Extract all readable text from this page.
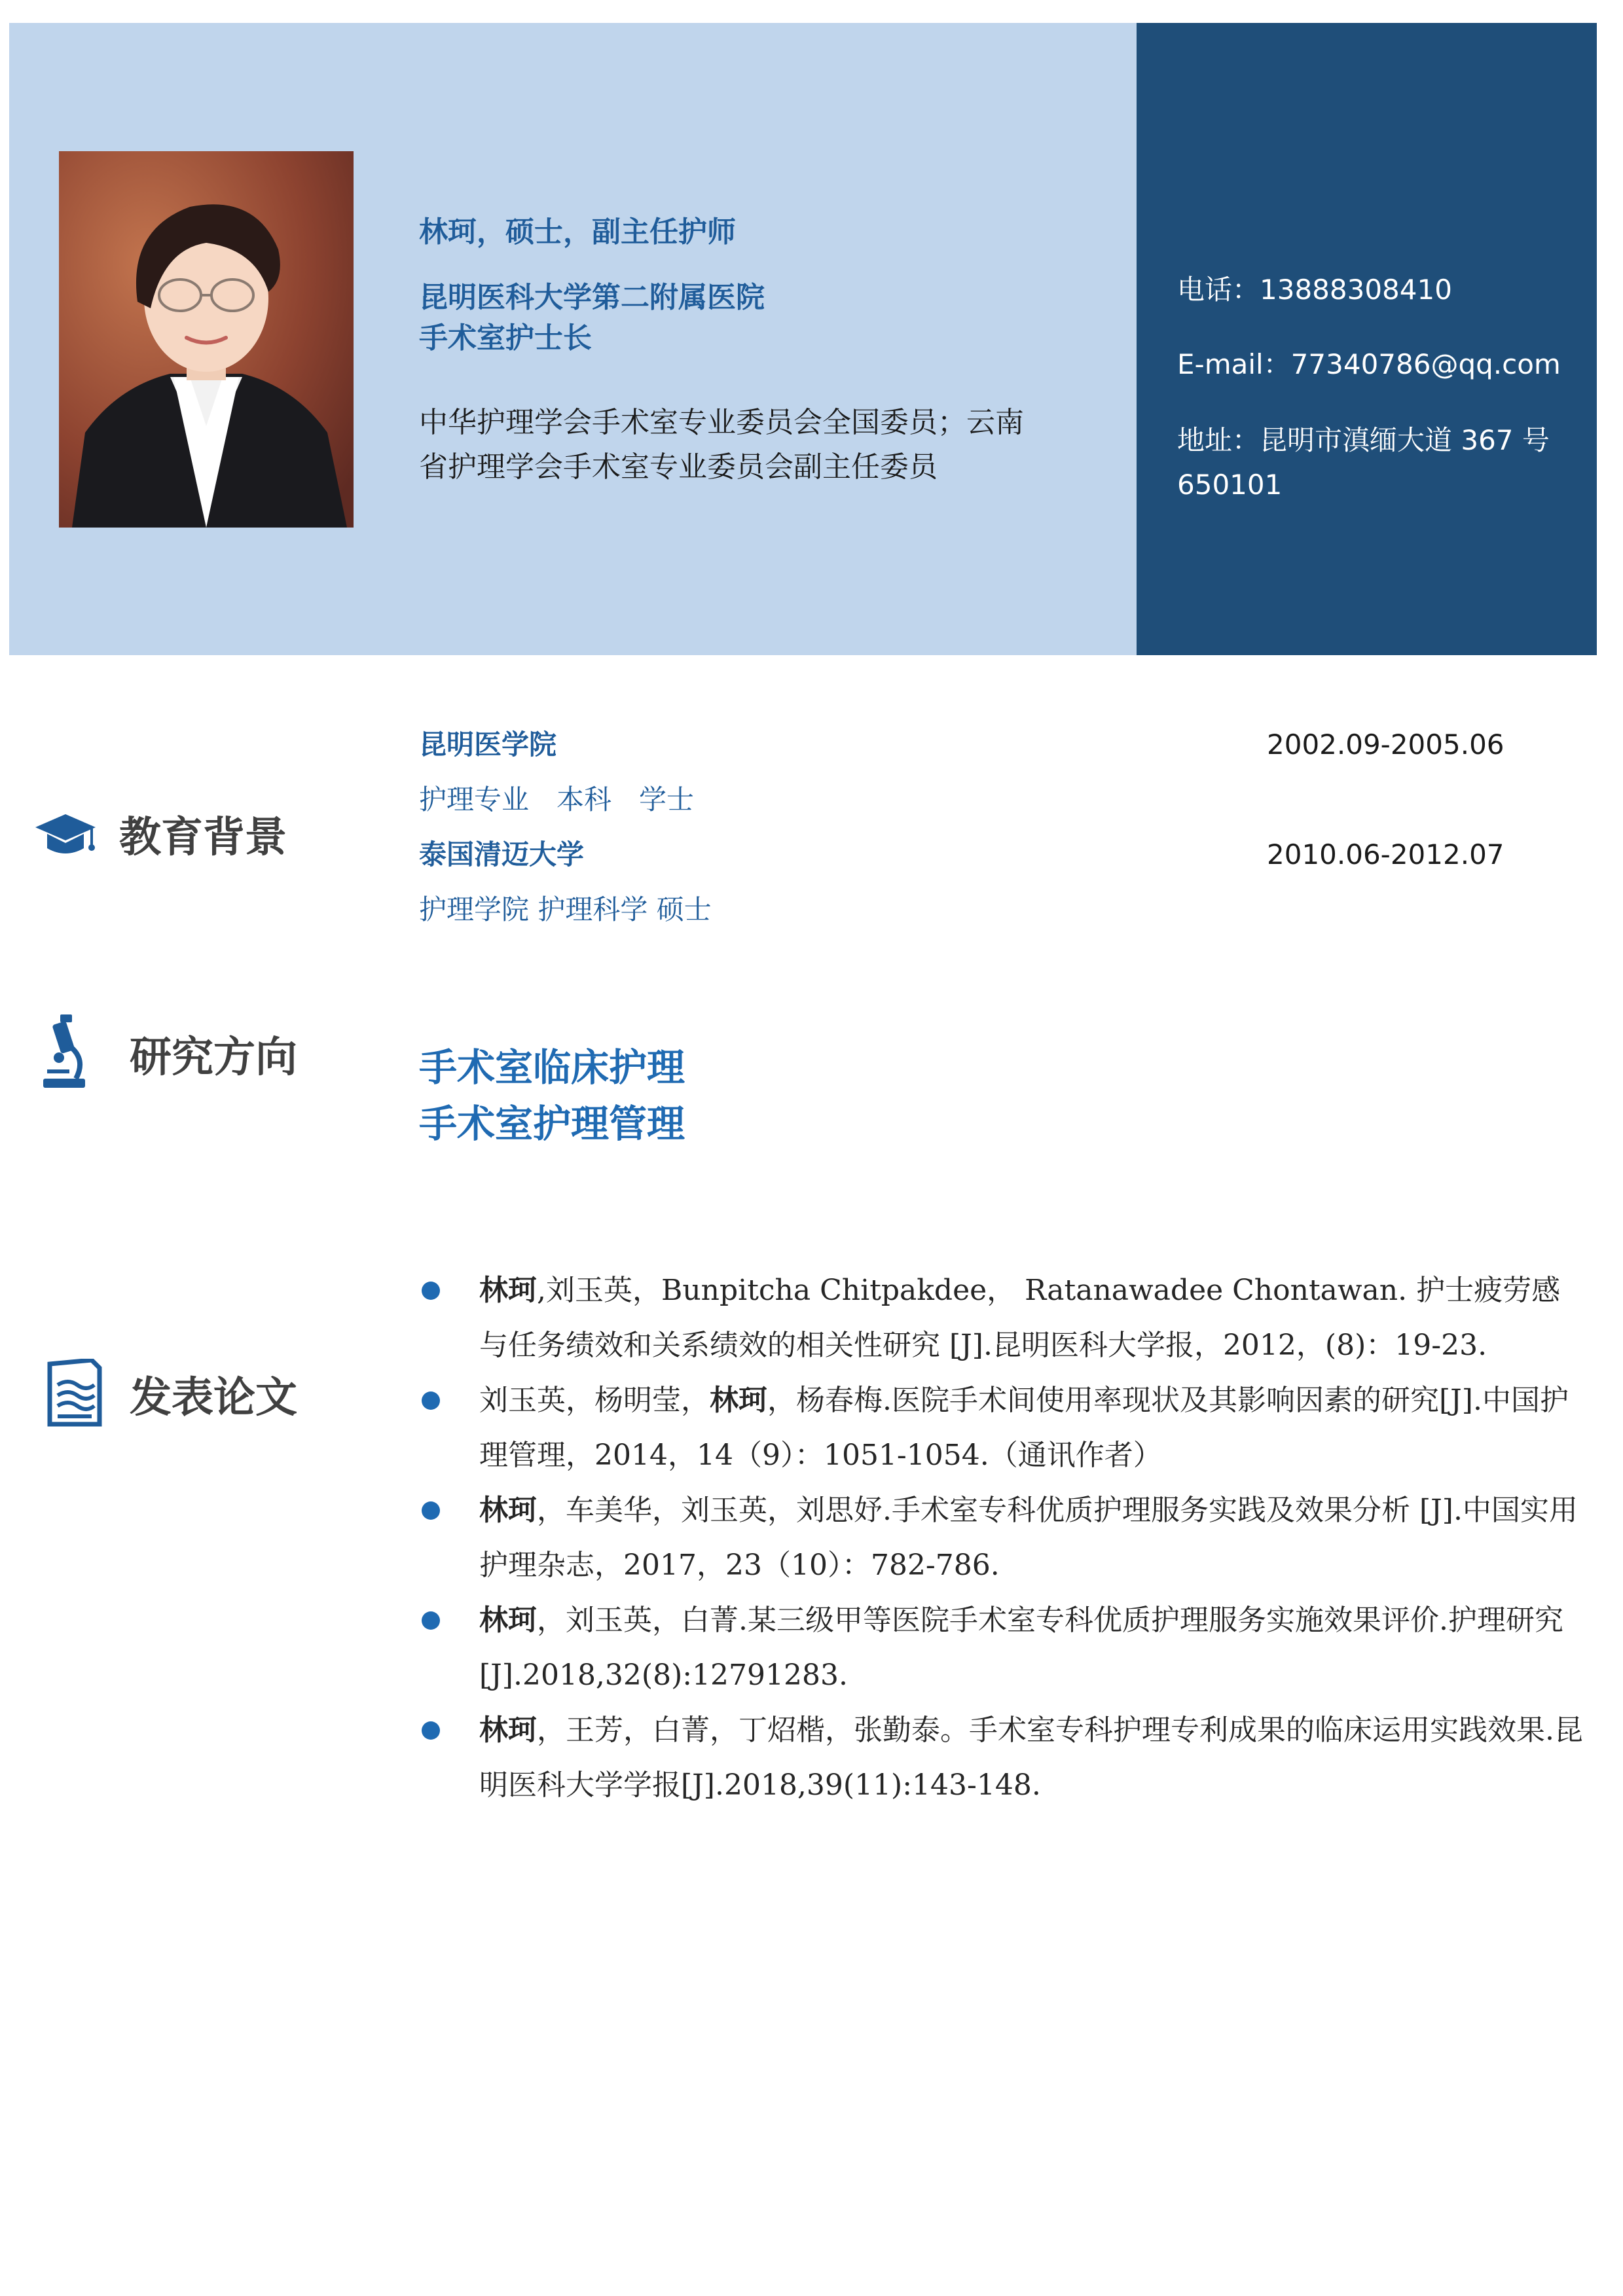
林珂，硕士，副主任护师
昆明医科大学第二附属医院
手术室护士长
中华护理学会手术室专业委员会全国委员；云南
省护理学会手术室专业委员会副主任委员
电话：13888308410
E-mail：77340786@qq.com
地址：昆明市滇缅大道 367 号
650101
教育背景
昆明医学院	2002.09-2005.06
护理专业　本科　学士
泰国清迈大学	2010.06-2012.07
护理学院 护理科学 硕士
研究方向	手术室临床护理
手术室护理管理
发表论文
林珂,刘玉英，Bunpitcha Chitpakdee， Ratanawadee Chontawan. 护士疲劳感与任务绩效和关系绩效的相关性研究 [J].昆明医科大学报，2012，(8)：19-23.
刘玉英，杨明莹，林珂，杨春梅.医院手术间使用率现状及其影响因素的研究[J].中国护理管理，2014，14（9）：1051-1054.（通讯作者）
林珂，车美华，刘玉英，刘思妤.手术室专科优质护理服务实践及效果分析 [J].中国实用护理杂志，2017，23（10）：782-786.
林珂，刘玉英，白菁.某三级甲等医院手术室专科优质护理服务实施效果评价.护理研究[J].2018,32(8):12791283.
林珂，王芳，白菁，丁炤楷，张勤泰。手术室专科护理专利成果的临床运用实践效果.昆明医科大学学报[J].2018,39(11):143-148.
